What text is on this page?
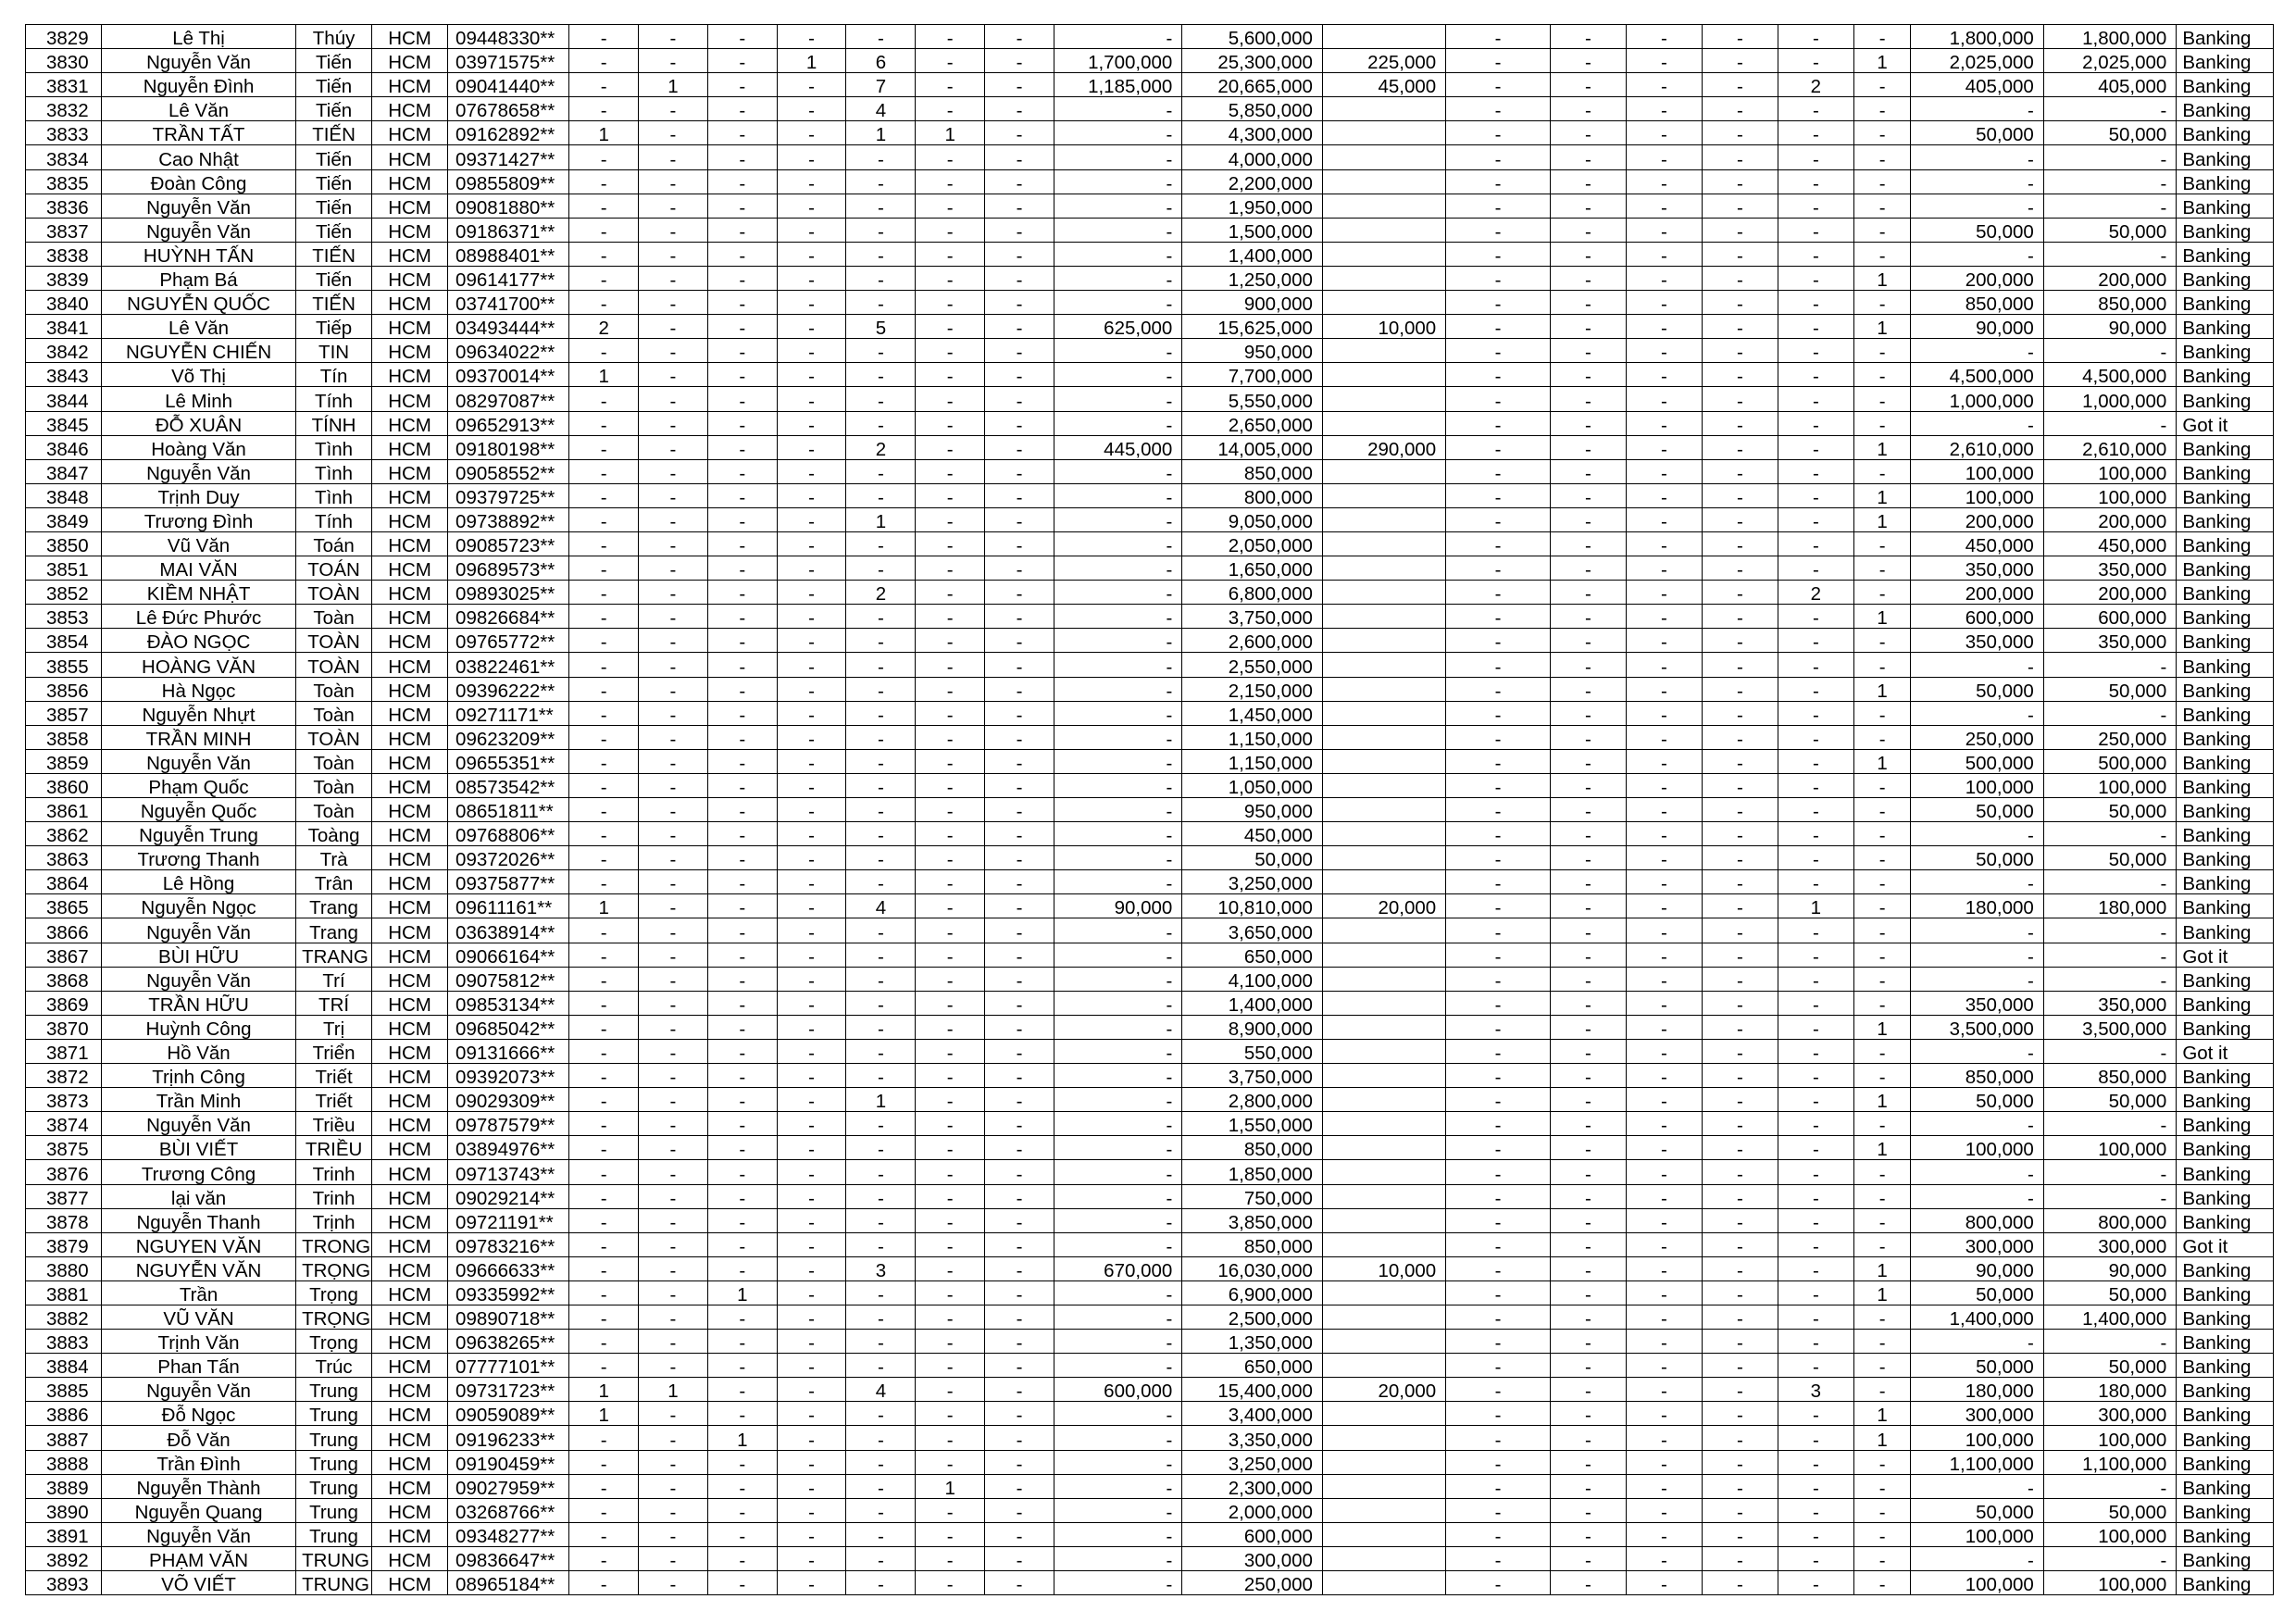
3829	Lê Thị	Thúy	HCM	09448330**	-	-	-	-	-	-	-	-	5,600,000		-	-	-	-	-	-	1,800,000	1,800,000	Banking
3830	Nguyễn Văn	Tiến	HCM	03971575**	-	-	-	1	6	-	-	1,700,000	25,300,000	225,000	-	-	-	-	-	1	2,025,000	2,025,000	Banking
3831	Nguyễn Đình	Tiến	HCM	09041440**	-	1	-	-	7	-	-	1,185,000	20,665,000	45,000	-	-	-	-	2	-	405,000	405,000	Banking
3832	Lê Văn	Tiến	HCM	07678658**	-	-	-	-	4	-	-	-	5,850,000		-	-	-	-	-	-	-	-	Banking
3833	TRẦN TẤT	TIẾN	HCM	09162892**	1	-	-	-	1	1	-	-	4,300,000		-	-	-	-	-	-	50,000	50,000	Banking
3834	Cao Nhật	Tiến	HCM	09371427**	-	-	-	-	-	-	-	-	4,000,000		-	-	-	-	-	-	-	-	Banking
3835	Đoàn Công	Tiến	HCM	09855809**	-	-	-	-	-	-	-	-	2,200,000		-	-	-	-	-	-	-	-	Banking
3836	Nguyễn Văn	Tiến	HCM	09081880**	-	-	-	-	-	-	-	-	1,950,000		-	-	-	-	-	-	-	-	Banking
3837	Nguyễn Văn	Tiến	HCM	09186371**	-	-	-	-	-	-	-	-	1,500,000		-	-	-	-	-	-	50,000	50,000	Banking
3838	HUỲNH TẤN	TIẾN	HCM	08988401**	-	-	-	-	-	-	-	-	1,400,000		-	-	-	-	-	-	-	-	Banking
3839	Phạm Bá	Tiến	HCM	09614177**	-	-	-	-	-	-	-	-	1,250,000		-	-	-	-	-	1	200,000	200,000	Banking
3840	NGUYỄN QUỐC	TIẾN	HCM	03741700**	-	-	-	-	-	-	-	-	900,000		-	-	-	-	-	-	850,000	850,000	Banking
3841	Lê Văn	Tiếp	HCM	03493444**	2	-	-	-	5	-	-	625,000	15,625,000	10,000	-	-	-	-	-	1	90,000	90,000	Banking
3842	NGUYỄN CHIẾN	TIN	HCM	09634022**	-	-	-	-	-	-	-	-	950,000		-	-	-	-	-	-	-	-	Banking
3843	Võ Thị	Tín	HCM	09370014**	1	-	-	-	-	-	-	-	7,700,000		-	-	-	-	-	-	4,500,000	4,500,000	Banking
3844	Lê Minh	Tính	HCM	08297087**	-	-	-	-	-	-	-	-	5,550,000		-	-	-	-	-	-	1,000,000	1,000,000	Banking
3845	ĐỖ XUÂN	TÍNH	HCM	09652913**	-	-	-	-	-	-	-	-	2,650,000		-	-	-	-	-	-	-	-	Got it
3846	Hoàng Văn	Tình	HCM	09180198**	-	-	-	-	2	-	-	445,000	14,005,000	290,000	-	-	-	-	-	1	2,610,000	2,610,000	Banking
3847	Nguyễn Văn	Tình	HCM	09058552**	-	-	-	-	-	-	-	-	850,000		-	-	-	-	-	-	100,000	100,000	Banking
3848	Trịnh Duy	Tình	HCM	09379725**	-	-	-	-	-	-	-	-	800,000		-	-	-	-	-	1	100,000	100,000	Banking
3849	Trương Đình	Tính	HCM	09738892**	-	-	-	-	1	-	-	-	9,050,000		-	-	-	-	-	1	200,000	200,000	Banking
3850	Vũ Văn	Toán	HCM	09085723**	-	-	-	-	-	-	-	-	2,050,000		-	-	-	-	-	-	450,000	450,000	Banking
3851	MAI VĂN	TOÁN	HCM	09689573**	-	-	-	-	-	-	-	-	1,650,000		-	-	-	-	-	-	350,000	350,000	Banking
3852	KIỀM NHẬT	TOÀN	HCM	09893025**	-	-	-	-	2	-	-	-	6,800,000		-	-	-	-	2	-	200,000	200,000	Banking
3853	Lê Đức Phước	Toàn	HCM	09826684**	-	-	-	-	-	-	-	-	3,750,000		-	-	-	-	-	1	600,000	600,000	Banking
3854	ĐÀO NGỌC	TOÀN	HCM	09765772**	-	-	-	-	-	-	-	-	2,600,000		-	-	-	-	-	-	350,000	350,000	Banking
3855	HOÀNG VĂN	TOÀN	HCM	03822461**	-	-	-	-	-	-	-	-	2,550,000		-	-	-	-	-	-	-	-	Banking
3856	Hà Ngọc	Toàn	HCM	09396222**	-	-	-	-	-	-	-	-	2,150,000		-	-	-	-	-	1	50,000	50,000	Banking
3857	Nguyễn Nhựt	Toàn	HCM	09271171**	-	-	-	-	-	-	-	-	1,450,000		-	-	-	-	-	-	-	-	Banking
3858	TRẦN MINH	TOÀN	HCM	09623209**	-	-	-	-	-	-	-	-	1,150,000		-	-	-	-	-	-	250,000	250,000	Banking
3859	Nguyễn Văn	Toàn	HCM	09655351**	-	-	-	-	-	-	-	-	1,150,000		-	-	-	-	-	1	500,000	500,000	Banking
3860	Phạm Quốc	Toàn	HCM	08573542**	-	-	-	-	-	-	-	-	1,050,000		-	-	-	-	-	-	100,000	100,000	Banking
3861	Nguyễn Quốc	Toàn	HCM	08651811**	-	-	-	-	-	-	-	-	950,000		-	-	-	-	-	-	50,000	50,000	Banking
3862	Nguyễn Trung	Toàng	HCM	09768806**	-	-	-	-	-	-	-	-	450,000		-	-	-	-	-	-	-	-	Banking
3863	Trương Thanh	Trà	HCM	09372026**	-	-	-	-	-	-	-	-	50,000		-	-	-	-	-	-	50,000	50,000	Banking
3864	Lê Hồng	Trân	HCM	09375877**	-	-	-	-	-	-	-	-	3,250,000		-	-	-	-	-	-	-	-	Banking
3865	Nguyễn Ngọc	Trang	HCM	09611161**	1	-	-	-	4	-	-	90,000	10,810,000	20,000	-	-	-	-	1	-	180,000	180,000	Banking
3866	Nguyễn Văn	Trang	HCM	03638914**	-	-	-	-	-	-	-	-	3,650,000		-	-	-	-	-	-	-	-	Banking
3867	BÙI HỮU	TRANG	HCM	09066164**	-	-	-	-	-	-	-	-	650,000		-	-	-	-	-	-	-	-	Got it
3868	Nguyễn Văn	Trí	HCM	09075812**	-	-	-	-	-	-	-	-	4,100,000		-	-	-	-	-	-	-	-	Banking
3869	TRẦN HỮU	TRÍ	HCM	09853134**	-	-	-	-	-	-	-	-	1,400,000		-	-	-	-	-	-	350,000	350,000	Banking
3870	Huỳnh Công	Trị	HCM	09685042**	-	-	-	-	-	-	-	-	8,900,000		-	-	-	-	-	1	3,500,000	3,500,000	Banking
3871	Hồ Văn	Triển	HCM	09131666**	-	-	-	-	-	-	-	-	550,000		-	-	-	-	-	-	-	-	Got it
3872	Trịnh Công	Triết	HCM	09392073**	-	-	-	-	-	-	-	-	3,750,000		-	-	-	-	-	-	850,000	850,000	Banking
3873	Trần Minh	Triết	HCM	09029309**	-	-	-	-	1	-	-	-	2,800,000		-	-	-	-	-	1	50,000	50,000	Banking
3874	Nguyễn Văn	Triều	HCM	09787579**	-	-	-	-	-	-	-	-	1,550,000		-	-	-	-	-	-	-	-	Banking
3875	BÙI VIẾT	TRIỀU	HCM	03894976**	-	-	-	-	-	-	-	-	850,000		-	-	-	-	-	1	100,000	100,000	Banking
3876	Trương Công	Trinh	HCM	09713743**	-	-	-	-	-	-	-	-	1,850,000		-	-	-	-	-	-	-	-	Banking
3877	lại văn	Trinh	HCM	09029214**	-	-	-	-	-	-	-	-	750,000		-	-	-	-	-	-	-	-	Banking
3878	Nguyễn Thanh	Trịnh	HCM	09721191**	-	-	-	-	-	-	-	-	3,850,000		-	-	-	-	-	-	800,000	800,000	Banking
3879	NGUYEN VĂN	TRONG	HCM	09783216**	-	-	-	-	-	-	-	-	850,000		-	-	-	-	-	-	300,000	300,000	Got it
3880	NGUYỄN VĂN	TRỌNG	HCM	09666633**	-	-	-	-	3	-	-	670,000	16,030,000	10,000	-	-	-	-	-	1	90,000	90,000	Banking
3881	Trần	Trọng	HCM	09335992**	-	-	1	-	-	-	-	-	6,900,000		-	-	-	-	-	1	50,000	50,000	Banking
3882	VŨ VĂN	TRỌNG	HCM	09890718**	-	-	-	-	-	-	-	-	2,500,000		-	-	-	-	-	-	1,400,000	1,400,000	Banking
3883	Trịnh Văn	Trọng	HCM	09638265**	-	-	-	-	-	-	-	-	1,350,000		-	-	-	-	-	-	-	-	Banking
3884	Phan Tấn	Trúc	HCM	07777101**	-	-	-	-	-	-	-	-	650,000		-	-	-	-	-	-	50,000	50,000	Banking
3885	Nguyễn Văn	Trung	HCM	09731723**	1	1	-	-	4	-	-	600,000	15,400,000	20,000	-	-	-	-	3	-	180,000	180,000	Banking
3886	Đỗ Ngọc	Trung	HCM	09059089**	1	-	-	-	-	-	-	-	3,400,000		-	-	-	-	-	1	300,000	300,000	Banking
3887	Đỗ Văn	Trung	HCM	09196233**	-	-	1	-	-	-	-	-	3,350,000		-	-	-	-	-	1	100,000	100,000	Banking
3888	Trần Đình	Trung	HCM	09190459**	-	-	-	-	-	-	-	-	3,250,000		-	-	-	-	-	-	1,100,000	1,100,000	Banking
3889	Nguyễn Thành	Trung	HCM	09027959**	-	-	-	-	-	1	-	-	2,300,000		-	-	-	-	-	-	-	-	Banking
3890	Nguyễn Quang	Trung	HCM	03268766**	-	-	-	-	-	-	-	-	2,000,000		-	-	-	-	-	-	50,000	50,000	Banking
3891	Nguyễn Văn	Trung	HCM	09348277**	-	-	-	-	-	-	-	-	600,000		-	-	-	-	-	-	100,000	100,000	Banking
3892	PHẠM VĂN	TRUNG	HCM	09836647**	-	-	-	-	-	-	-	-	300,000		-	-	-	-	-	-	-	-	Banking
3893	VÕ VIẾT	TRUNG	HCM	08965184**	-	-	-	-	-	-	-	-	250,000		-	-	-	-	-	-	100,000	100,000	Banking
